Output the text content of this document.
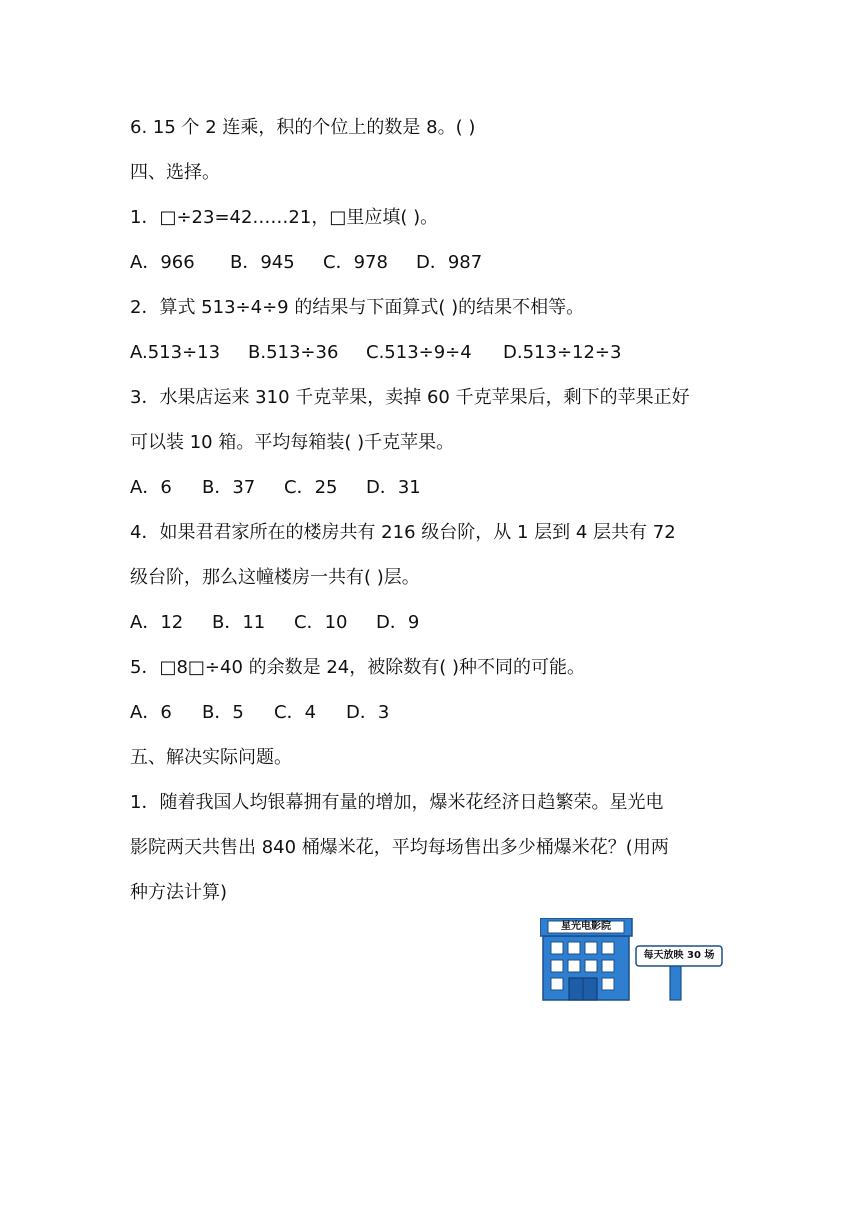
6. 15 个 2 连乘，积的个位上的数是 8。( )
四、选择。
1．□÷23=42……21，□里应填( )。
A．966 B．945 C．978 D．987
2．算式 513÷4÷9 的结果与下面算式( )的结果不相等。
A.513÷13 B.513÷36 C.513÷9÷4 D.513÷12÷3
3．水果店运来 310 千克苹果，卖掉 60 千克苹果后，剩下的苹果正好
可以装 10 箱。平均每箱装( )千克苹果。
A．6 B．37 C．25 D．31
4．如果君君家所在的楼房共有 216 级台阶，从 1 层到 4 层共有 72
级台阶，那么这幢楼房一共有( )层。
A．12 B．11 C．10 D．9
5．□8□÷40 的余数是 24，被除数有( )种不同的可能。
A．6 B．5 C．4 D．3
五、解决实际问题。
1．随着我国人均银幕拥有量的增加，爆米花经济日趋繁荣。星光电
影院两天共售出 840 桶爆米花，平均每场售出多少桶爆米花？(用两
种方法计算)
星光电影院
每天放映 30 场
